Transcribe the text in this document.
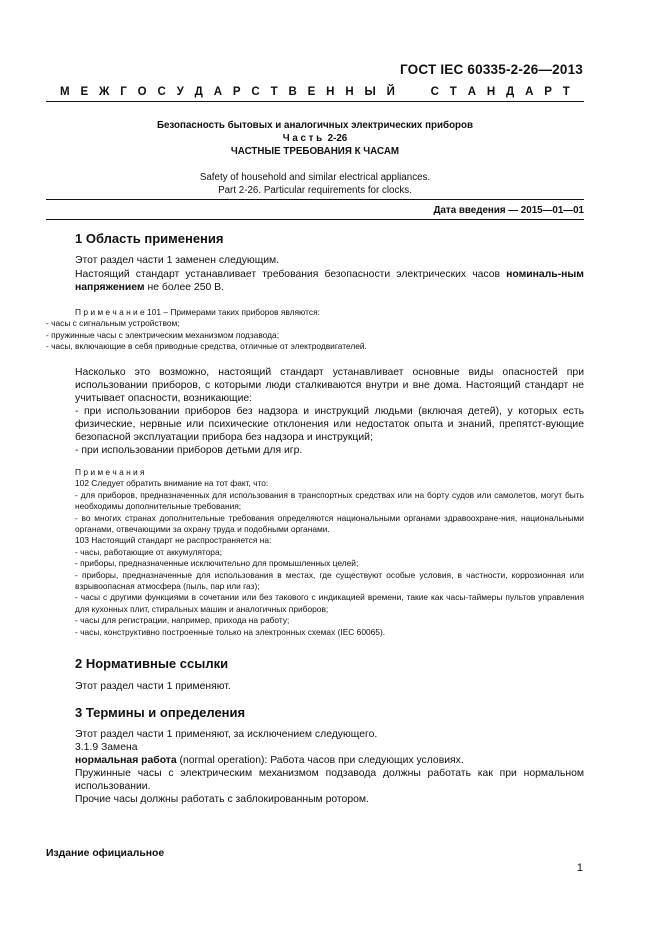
ГОСТ IEC 60335-2-26—2013
М Е Ж Г О С У Д А Р С Т В Е Н Н Ы Й	С Т А Н Д А Р Т
Безопасность бытовых и аналогичных электрических приборов
Ч а с т ь  2-26
ЧАСТНЫЕ ТРЕБОВАНИЯ К ЧАСАМ
Safety of household and similar electrical appliances.
Part 2-26. Particular requirements for clocks.
Дата введения — 2015—01—01
1 Область применения
Этот раздел части 1 заменен следующим.
Настоящий стандарт устанавливает требования безопасности электрических часов номиналь-ным напряжением не более 250 В.
П р и м е ч а н и е 101 – Примерами таких приборов являются:
- часы с сигнальным устройством;
- пружинные часы с электрическим механизмом подзавода;
- часы, включающие в себя приводные средства, отличные от электродвигателей.
Насколько это возможно, настоящий стандарт устанавливает основные виды опасностей при использовании приборов, с которыми люди сталкиваются внутри и вне дома. Настоящий стандарт не учитывает опасности, возникающие:
- при использовании приборов без надзора и инструкций людьми (включая детей), у которых есть физические, нервные или психические отклонения или недостаток опыта и знаний, препятст-вующие безопасной эксплуатации прибора без надзора и инструкций;
- при использовании приборов детьми для игр.
П р и м е ч а н и я
102 Следует обратить внимание на тот факт, что:
- для приборов, предназначенных для использования в транспортных средствах или на борту судов или самолетов, могут быть необходимы дополнительные требования;
- во многих странах дополнительные требования определяются национальными органами здравоохране-ния, национальными органами, отвечающими за охрану труда и подобными органами.
103 Настоящий стандарт не распространяется на:
- часы, работающие от аккумулятора;
- приборы, предназначенные исключительно для промышленных целей;
- приборы, предназначенные для использования в местах, где существуют особые условия, в частности, коррозионная или взрывоопасная атмосфера (пыль, пар или газ);
- часы с другими функциями в сочетании или без такового с индикацией времени, такие как часы-таймеры пультов управления для кухонных плит, стиральных машин и аналогичных приборов;
- часы для регистрации, например, прихода на работу;
- часы, конструктивно построенные только на электронных схемах (IEC 60065).
2 Нормативные ссылки
Этот раздел части 1 применяют.
3 Термины и определения
Этот раздел части 1 применяют, за исключением следующего.
3.1.9 Замена
нормальная работа (normal operation): Работа часов при следующих условиях.
Пружинные часы с электрическим механизмом подзавода должны работать как при нормальном использовании.
Прочие часы должны работать с заблокированным ротором.
Издание официальное
1
